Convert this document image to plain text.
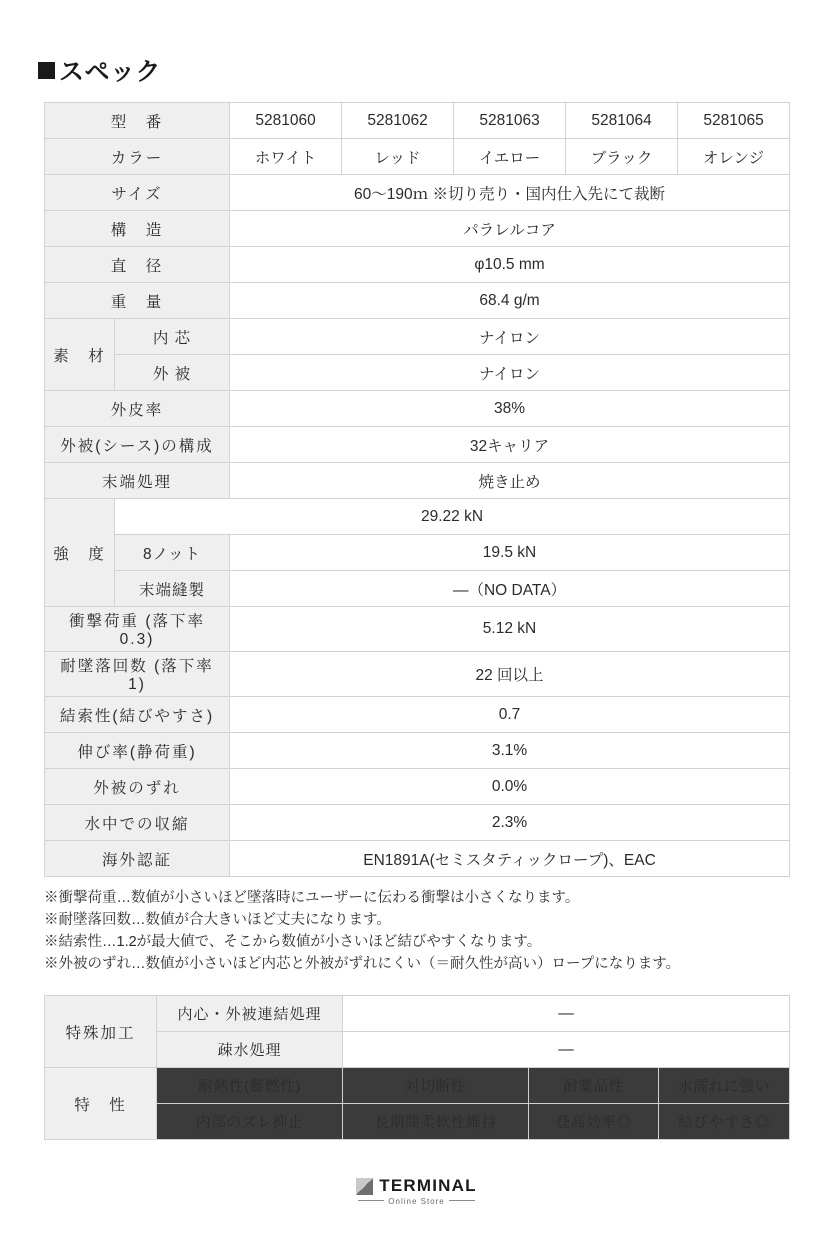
スペック
型　番		5281060	5281062	5281063	5281064	5281065
カラー		ホワイト	レッド	イエロー	ブラック	オレンジ
サイズ		60〜190ｍ ※切り売り・国内仕入先にて裁断				
構　造		パラレルコア				
直　径		φ10.5 mm				
重　量		68.4 g/m				
素　材	内 芯	ナイロン				
	外 被	ナイロン				
外皮率		38%				
外被(シース)の構成		32キャリア				
末端処理		焼き止め				
強　度	29.22 kN					
	8ノット	19.5 kN				
	末端縫製	―（NO DATA）				
衝撃荷重 (落下率 0.3)		5.12 kN				
耐墜落回数 (落下率 1)		22 回以上				
結索性(結びやすさ)		0.7				
伸び率(静荷重)		3.1%				
外被のずれ		0.0%				
水中での収縮		2.3%				
海外認証		EN1891A(セミスタティックロープ)、EAC				
※衝撃荷重…数値が小さいほど墜落時にユーザーに伝わる衝撃は小さくなります。
※耐墜落回数…数値が合大きいほど丈夫になります。
※結索性…1.2が最大値で、そこから数値が小さいほど結びやすくなります。
※外被のずれ…数値が小さいほど内芯と外被がずれにくい（＝耐久性が高い）ロープになります。
特殊加工	内心・外被連結処理	―		
	疎水処理	―		
特　性	耐熱性(難燃性)	対切断性	耐薬品性	水濡れに強い
	内部のズレ抑止	長期間柔軟性維持	登高効率◎	結びやすさ◎
TERMINAL
Online Store
